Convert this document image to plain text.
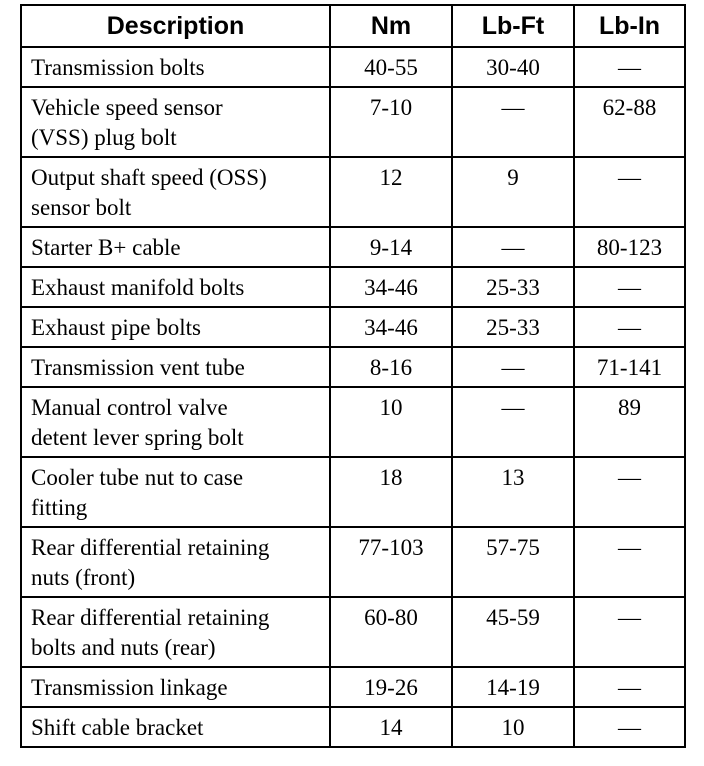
Description	Nm	Lb-Ft	Lb-In
Transmission bolts	40-55	30-40	—
Vehicle speed sensor
(VSS) plug bolt	7-10	—	62-88
Output shaft speed (OSS)
sensor bolt	12	9	—
Starter B+ cable	9-14	—	80-123
Exhaust manifold bolts	34-46	25-33	—
Exhaust pipe bolts	34-46	25-33	—
Transmission vent tube	8-16	—	71-141
Manual control valve
detent lever spring bolt	10	—	89
Cooler tube nut to case
fitting	18	13	—
Rear differential retaining
nuts (front)	77-103	57-75	—
Rear differential retaining
bolts and nuts (rear)	60-80	45-59	—
Transmission linkage	19-26	14-19	—
Shift cable bracket	14	10	—
